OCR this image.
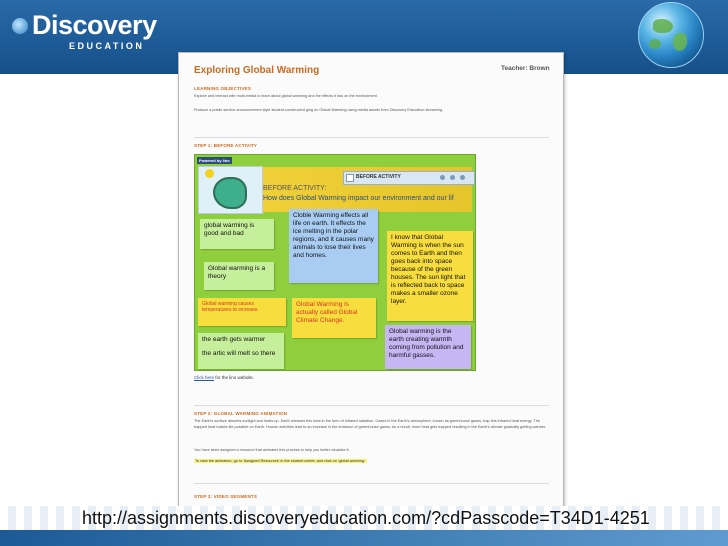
Discovery
EDUCATION
Exploring Global Warming	Teacher: Brown
LEARNING OBJECTIVES
Explore and interact with multi-media to learn about global warming and the effects it has on the environment.
Produce a public service announcement style student-constructed glog on Global Warming using media assets from Discovery Education streaming.
STEP 1: BEFORE ACTIVITY
Powered by lino
BEFORE ACTIVITY
BEFORE ACTIVITY:
How does Global Warming impact our environment and our lif
global warming is good and bad
Cloble Warming effects all life on earth. It effects the ice melting in the polar regions, and it causes many animals to lose their lives and homes.
I know that Global Warming is when the sun comes to Earth and then goes back into space because of the green houses. The sun light that is reflected back to space makes a smaller ozone layer.
Global warming is a theory
Global warming causes temperatures to increase.
Global Warming is actually called Global Climate Change.
the earth gets warmer
the artic will melt so there
Global warming is the earth creating warmth coming from pollution and harmful gasses.
Click here for the lino website.
STEP 2: GLOBAL WARMING ANIMATION
The Earth's surface absorbs sunlight and heats up. Earth releases this heat in the form of infrared radiation. Gases in the Earth's atmosphere, known as greenhouse gases, trap this infrared heat energy. The trapped heat makes life possible on Earth. Human activities lead to an increase in the emission of greenhouse gases. As a result, more heat gets trapped resulting in the Earth's climate gradually getting warmer.
You have been assigned a resource that animates this process to help you better visualize it.
To view the animation, go to 'Assigned Resources' in the student center, and click on 'global warming.'
STEP 3: VIDEO SEGMENTS
http://assignments.discoveryeducation.com/?cdPasscode=T34D1-4251
